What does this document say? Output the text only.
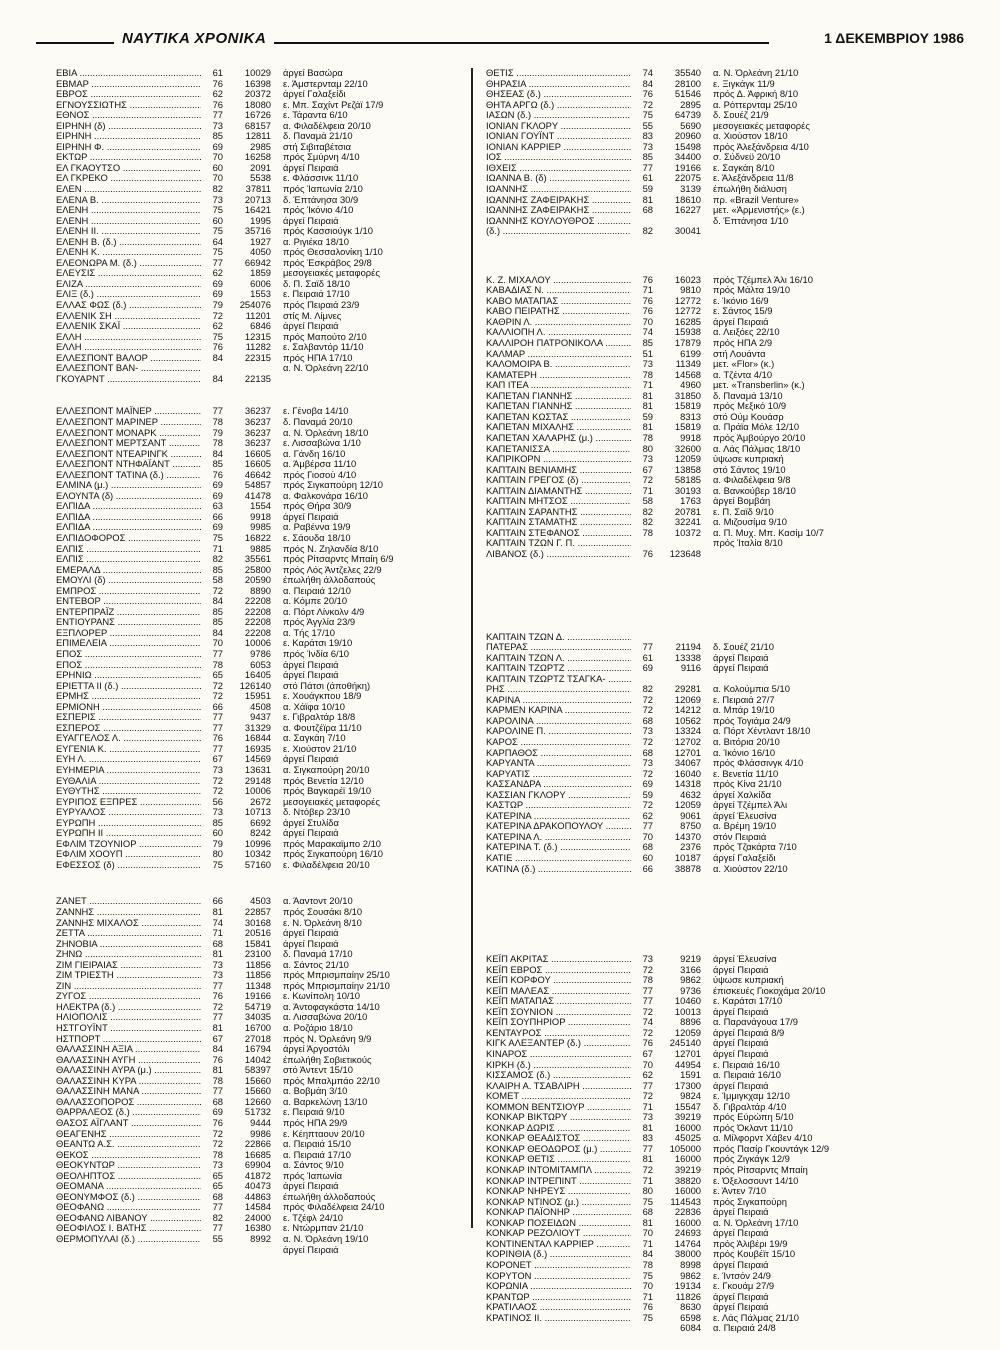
ΝΑΥΤΙΚΑ ΧΡΟΝΙΚΑ	1 ΔΕΚΕΜΒΡΙΟΥ 1986
ΕΒΙΑ .....	61	10029	άργεί Βασώρα
ΕΒΜΑΡ .....	76	16398	ε. Άμστερνταμ 22/10
ΕΒΡΟΣ .....	62	20372	άργεί Γαλαξείδι
ΕΓΝΟΥΣΣΙΩΤΗΣ .....	76	18080	ε. Μπ. Σαχίντ Ρεζάϊ 17/9
ΕΘΝΟΣ .....	77	16726	ε. Τάραντα 6/10
ΕΙΡΗΝΗ (δ) .....	73	68157	α. Φιλαδέλφεια 20/10
ΕΙΡΗΝΗ .....	85	12811	δ. Παναμά 21/10
ΕΙΡΗΝΗ Φ. .....	69	2985	στή Σιβιταβέτσια
ΕΚΤΩΡ .....	70	16258	πρός Σμύρνη 4/10
ΕΛ ΓΚΑΟΥΤΣΟ .....	60	2091	άργεί Πειραιά
ΕΛ ΓΚΡΕΚΟ .....	70	5538	ε. Φλάσσινκ 11/10
ΕΛΕΝ .....	82	37811	πρός Ίαπωνία 2/10
ΕΛΕΝΑ Β. .....	73	20713	δ. Έπτάνησα 30/9
ΕΛΕΝΗ .....	75	16421	πρός Ίκόνιο 4/10
ΕΛΕΝΗ .....	60	1995	άργεί Πειραιά
ΕΛΕΝΗ ΙΙ. .....	75	35716	πρός Κασσιούγκ 1/10
ΕΛΕΝΗ Β. (δ.) .....	64	1927	α. Ριγιέκα 18/10
ΕΛΕΝΗ Κ. .....	75	4050	πρός Θεσσαλονίκη 1/10
ΕΛΕΟΝΩΡΑ Μ. (δ.) .....	77	66942	πρός Έσκράβος 29/8
ΕΛΕΥΣΙΣ .....	62	1859	μεσογειακές μεταφορές
ΕΛΙΖΑ .....	69	6006	δ. Π. Σαϊδ 18/10
ΕΛΙΞ (δ.) .....	69	1553	ε. Πειραιά 17/10
ΕΛΛΑΣ ΦΩΣ (δ.) .....	79	254076	πρός Πειραιά 23/9
ΕΛΛΕΝΙΚ ΣΗ .....	72	11201	στίς Μ. Λίμνες
ΕΛΛΕΝΙΚ ΣΚΑΪ .....	62	6846	άργεί Πειραιά
ΕΛΛΗ .....	75	12315	πρός Μαπούτο 2/10
ΕΛΛΗ .....	76	11282	ε. Σαλβαντόρ 11/10
ΕΛΛΕΣΠΟΝΤ ΒΑΛΟΡ .....	84	22315	πρός ΗΠΑ 17/10
ΕΛΛΕΣΠΟΝΤ ΒΑΝ- .....	α. Ν. Όρλεάνη 22/10
ΓΚΟΥΑΡΝΤ .....	84	22135
ΕΛΛΕΣΠΟΝΤ ΜΑΪΝΕΡ .....	77	36237	ε. Γένοβα 14/10
ΕΛΛΕΣΠΟΝΤ ΜΑΡΙΝΕΡ .....	78	36237	δ. Παναμά 20/10
ΕΛΛΕΣΠΟΝΤ ΜΟΝΑΡΚ .....	79	36237	α. Ν. Όρλεάνη 18/10
ΕΛΛΕΣΠΟΝΤ ΜΕΡΤΣΑΝΤ .....	78	36237	ε. Λισσαβώνα 1/10
ΕΛΛΕΣΠΟΝΤ ΝΤΕΑΡΙΝΓΚ .....	84	16605	α. Γάνδη 16/10
ΕΛΛΕΣΠΟΝΤ ΝΤΗΦΑΪΑΝΤ .....	85	16605	α. Άμβέρσα 11/10
ΕΛΛΕΣΠΟΝΤ ΤΑΤΙΝΑ (δ.) .....	76	46642	πρός Γιοσού 4/10
ΕΛΜΙΝΑ (μ.) .....	69	54857	πρός Σιγκαπούρη 12/10
ΕΛΟΥΝΤΑ (δ) .....	69	41478	α. Φαλκονάρα 16/10
ΕΛΠΙΔΑ .....	63	1554	πρός Θήρα 30/9
ΕΛΠΙΔΑ .....	66	9918	άργεί Πειραιά
ΕΛΠΙΔΑ .....	69	9985	α. Ραβέννα 19/9
ΕΛΠΙΔΟΦΟΡΟΣ .....	75	16822	ε. Σάουδα 18/10
ΕΛΠΙΣ .....	71	9885	πρός Ν. Ζηλανδία 8/10
ΕΛΠΙΣ .....	82	35561	πρός Ρίτσαρντς Μπαίη 6/9
ΕΜΕΡΑΛΔ .....	85	25800	πρός Λός Άντζελες 22/9
ΕΜΟΥΛΙ (δ) .....	58	20590	έπωλήθη άλλοδαπούς
ΕΜΠΡΟΣ .....	72	8890	α. Πειραιά 12/10
ΕΝΤΕΒΟΡ .....	84	22208	α. Κόμπε 20/10
ΕΝΤΕΡΠΡΑΪΖ .....	85	22208	α. Πόρτ Λίνκολν 4/9
ΕΝΤΙΟΥΡΑΝΣ .....	85	22208	πρός Άγγλία 23/9
ΕΞΠΛΟΡΕΡ .....	84	22208	α. Τής 17/10
ΕΠΙΜΕΛΕΙΑ .....	70	10006	ε. Καράτσι 19/10
ΕΠΟΣ .....	77	9786	πρός Ίνδία 6/10
ΕΠΟΣ .....	78	6053	άργεί Πειραιά
ΕΡΗΝΙΩ .....	65	16405	άργεί Πειραιά
ΕΡΙΕΤΤΑ ΙΙ (δ.) .....	72	126140	στό Πάτσι (άποθήκη)
ΕΡΜΗΣ .....	72	15951	ε. Χουάγκπου 18/9
ΕΡΜΙΟΝΗ .....	66	4508	α. Χάϊφα 10/10
ΕΣΠΕΡΙΣ .....	77	9437	ε. Γιβραλτάρ 18/8
ΕΣΠΕΡΟΣ .....	77	31329	α. Φουτζέϊρα 11/10
ΕΥΑΓΓΕΛΟΣ Λ. .....	76	16844	α. Σαγκάη 7/10
ΕΥΓΕΝΙΑ Κ. .....	77	16935	ε. Χιούστον 21/10
ΕΥΗ Λ. .....	67	14569	άργεί Πειραιά
ΕΥΗΜΕΡΙΑ .....	73	13631	α. Σιγκαπούρη 20/10
ΕΥΘΑΛΙΑ .....	72	29148	πρός Βενετία 12/10
ΕΥΘΥΤΗΣ .....	72	10006	πρός Βαγκαρέϊ 19/10
ΕΥΡΙΠΟΣ ΕΞΠΡΕΣ .....	56	2672	μεσογειακές μεταφορές
ΕΥΡΥΑΛΟΣ .....	73	10713	δ. Ντόβερ 23/10
ΕΥΡΩΠΗ .....	85	6692	άργεί Στυλίδα
ΕΥΡΩΠΗ ΙΙ .....	60	8242	άργεί Πειραιά
ΕΦΛΙΜ ΤΖΟΥΝΙΟΡ .....	79	10996	πρός Μαρακαϊμπο 2/10
ΕΦΛΙΜ ΧΟΟΥΠ .....	80	10342	πρός Σιγκαπούρη 16/10
ΕΦΕΣΣΟΣ (δ) .....	75	57160	ε. Φιλαδέλφεια 20/10
ΖΑΝΕΤ .....	66	4503	α. Άαντοντ 20/10
ΖΑΝΝΗΣ .....	81	22857	πρός Σουσάκι 8/10
ΖΑΝΝΗΣ ΜΙΧΑΛΟΣ .....	74	30168	ε. Ν. Όρλεάνη 8/10
ΖΕΤΤΑ .....	71	20516	άργεί Πειραιά
ΖΗΝΟΒΙΑ .....	68	15841	άργεί Πειραιά
ΖΗΝΩ .....	81	23100	δ. Παναμά 17/10
ΖΙΜ ΓΙΕΙΡΑΙΑΣ .....	73	11856	α. Σάντος 21/10
ΖΙΜ ΤΡΙΕΣΤΗ .....	73	11856	πρός Μπρισμπαίην 25/10
ΖΙΝ .....	77	11348	πρός Μπρισμπαίην 21/10
ΖΥΓΟΣ .....	76	19166	ε. Κωνίπολη 10/10
ΗΛΕΚΤΡΑ (δ.) .....	72	54719	α. Άντοφαγκάστα 14/10
ΗΛΙΟΠΟΛΙΣ .....	77	34035	α. Λισσαβώνα 20/10
ΗΣΤΓΟΥΪΝΤ .....	81	16700	α. Ροζάριο 18/10
ΗΣΤΠΟΡΤ .....	67	27018	πρός Ν. Όρλεάνη 9/9
ΘΑΛΑΣΣΙΝΗ ΑΞΙΑ .....	84	16794	άργεί Άργοστόλι
ΘΑΛΑΣΣΙΝΗ ΑΥΓΗ .....	76	14042	έπωλήθη Σοβιετικούς
ΘΑΛΑΣΣΙΝΗ ΑΥΡΑ (μ.) .....	81	58397	στό Άντεντ 15/10
ΘΑΛΑΣΣΙΝΗ ΚΥΡΑ .....	78	15660	πρός Μπαλμπάο 22/10
ΘΑΛΑΣΣΙΝΗ ΜΑΝΑ .....	77	15660	α. Βοβμάη 3/10
ΘΑΛΑΣΣΟΠΟΡΟΣ .....	68	12660	α. Βαρκελώνη 13/10
ΘΑΡΡΑΛΕΟΣ (δ.) .....	69	51732	ε. Πειραιά 9/10
ΘΑΣΟΣ ΑΪΓΛΑΝΤ .....	76	9444	πρός ΗΠΑ 29/9
ΘΕΑΓΕΝΗΣ .....	72	9986	ε. Κέηπταουν 20/10
ΘΕΑΝΤΩ Α.Σ. .....	72	22866	α. Πειραιά 15/10
ΘΕΚΟΣ .....	78	16685	α. Πειραιά 17/10
ΘΕΟΚΥΝΤΩΡ .....	73	69904	α. Σάντος 9/10
ΘΕΟΛΗΠΤΟΣ .....	65	41872	πρός Ίαπωνία
ΘΕΟΜΑΝΑ .....	65	40473	άργεί Πειραιά
ΘΕΟΝΥΜΦΟΣ (δ.) .....	68	44863	έπωλήθη άλλοδαπούς
ΘΕΟΦΑΝΩ .....	77	14584	πρός Φιλαδέλφεια 24/10
ΘΕΟΦΑΝΩ ΛΙΒΑΝΟΥ .....	82	24000	ε. Τζέφλ 24/10
ΘΕΟΦΙΛΟΣ Ι. ΒΑΤΗΣ .....	77	16380	ε. Ντώρμπαν 21/10
ΘΕΡΜΟΠΥΛΑΙ (δ.) .....	55	8992	α. Ν. Όρλεάνη 19/10
άργεί Πειραιά
ΘΕΤΙΣ .....	74	35540	α. Ν. Όρλεάνη 21/10
ΘΗΡΑΣΙΑ .....	84	28100	ε. Ξιγκάγκ 11/9
ΘΗΣΕΑΣ (δ.) .....	76	51546	πρός Δ. Άφρική 8/10
ΘΗΤΑ ΑΡΓΩ (δ.) .....	72	2895	α. Ρόττερνταμ 25/10
ΙΑΣΩΝ (δ.) .....	75	64739	δ. Σουέζ 21/9
ΙΟΝΙΑΝ ΓΚΛΟΡΥ .....	55	5690	μεσογειακές μεταφορές
ΙΟΝΙΑΝ ΓΟΥΪΝΤ .....	83	20960	α. Χιούστον 18/10
ΙΟΝΙΑΝ ΚΑΡΡΙΕΡ .....	73	15498	πρός Άλεξάνδρεια 4/10
ΙΟΣ .....	85	34400	σ. Σύδνεϋ 20/10
ΙΘΧΕΙΣ .....	77	19166	ε. Σαγκάη 8/10
ΙΩΑΝΝΑ Β. (δ) .....	61	22075	ε. Άλεξάνδρεια 11/8
ΙΩΑΝΝΗΣ .....	59	3139	έπωλήθη διάλυση
ΙΩΑΝΝΗΣ ΖΑΦΕΙΡΑΚΗΣ .....	81	18610	πρ. «Brazil Venture»
ΙΩΑΝΝΗΣ ΖΑΦΕΙΡΑΚΗΣ .....	68	16227	μετ. «Άρμενιστής» (ε.)
ΙΩΑΝΝΗΣ ΚΟΥΛΟΥΘΡΟΣ .....	δ. Έπτάνησα 1/10
(δ.) .....	82	30041
Κ. Ζ. ΜΙΧΑΛΟΥ .....	76	16023	πρός Τζέμπελ Άλι 16/10
ΚΑΒΑΔΙΑΣ Ν. .....	71	9810	πρός Μάλτα 19/10
ΚΑΒΟ ΜΑΤΑΠΑΣ .....	76	12772	ε. Ίκόνιο 16/9
ΚΑΒΟ ΠΕΙΡΑΤΗΣ .....	76	12772	ε. Σάντος 15/9
ΚΑΘΡΙΝ Λ. .....	70	16285	άργεί Πειραιά
ΚΑΛΛΙΟΠΗ Λ. .....	74	15938	α. Λειξόες 22/10
ΚΑΛΛΙΡΟΗ ΠΑΤΡΟΝΙΚΟΛΑ .....	85	17879	πρός ΗΠΑ 2/9
ΚΑΛΜΑΡ .....	51	6199	στή Λουάντα
ΚΑΛΟΜΟΙΡΑ Β. .....	73	11349	μετ. «Flor» (κ.)
ΚΑΜΑΤΕΡΗ .....	78	14568	α. Τζέντα 4/10
ΚΑΠ ΙΤΕΑ .....	71	4960	μετ. «Transberlin» (κ.)
ΚΑΠΕΤΑΝ ΓΙΑΝΝΗΣ .....	81	31850	δ. Παναμά 13/10
ΚΑΠΕΤΑΝ ΓΙΑΝΝΗΣ .....	81	15819	πρός Μεξικό 10/9
ΚΑΠΕΤΑΝ ΚΩΣΤΑΣ .....	59	8313	στό Ούμ Κουάσρ
ΚΑΠΕΤΑΝ ΜΙΧΑΛΗΣ .....	81	15819	α. Πράϊα Μόλε 12/10
ΚΑΠΕΤΑΝ ΧΑΛΑΡΗΣ (μ.) .....	78	9918	πρός Άμβούργο 20/10
ΚΑΠΕΤΑΝΙΣΣΑ .....	80	32600	α. Λάς Πάλμας 18/10
ΚΑΠΡΙΚΟΡΝ .....	73	12059	ύψωσε κυπριακή
ΚΑΠΤΑΙΝ ΒΕΝΙΑΜΗΣ .....	67	13858	στό Σάντος 19/10
ΚΑΠΤΑΙΝ ΓΡΕΓΟΣ (δ) .....	72	58185	α. Φιλαδέλφεια 9/8
ΚΑΠΤΑΙΝ ΔΙΑΜΑΝΤΗΣ .....	71	30193	α. Βανκούβερ 18/10
ΚΑΠΤΑΙΝ ΜΗΤΣΟΣ .....	58	1763	άργεί Βομβάη
ΚΑΠΤΑΙΝ ΣΑΡΑΝΤΗΣ .....	82	20781	ε. Π. Σαϊδ 9/10
ΚΑΠΤΑΙΝ ΣΤΑΜΑΤΗΣ .....	82	32241	α. Μιζουσίμα 9/10
ΚΑΠΤΑΙΝ ΣΤΕΦΑΝΟΣ .....	78	10372	α. Π. Μυχ. Μπ. Κασίμ 10/7
ΚΑΠΤΑΙΝ ΤΖΩΝ Γ. Π. .....	πρός Ίταλία 8/10
ΛΙΒΑΝΟΣ (δ.) .....	76	123648
ΚΑΠΤΑΙΝ ΤΖΩΝ Δ. .....
ΠΑΤΕΡΑΣ .....	77	21194	δ. Σουέζ 21/10
ΚΑΠΤΑΙΝ ΤΖΩΝ Λ. .....	61	13338	άργεί Πειραιά
ΚΑΠΤΑΙΝ ΤΖΩΡΤΖ .....	69	9116	άργεί Πειραιά
ΚΑΠΤΑΙΝ ΤΖΩΡΤΖ ΤΣΑΓΚΑ- .....
ΡΗΣ .....	82	29281	α. Κολούμπια 5/10
ΚΑΡΙΝΑ .....	72	12069	ε. Πειραιά 27/7
ΚΑΡΜΕΝ ΚΑΡΙΝΑ .....	72	14212	α. Μπάρ 19/10
ΚΑΡΟΛΙΝΑ .....	68	10562	πρός Τογιάμα 24/9
ΚΑΡΟΛΙΝΕ Π. .....	73	13324	α. Πόρτ Χέντλαντ 18/10
ΚΑΡΟΣ .....	72	12702	α. Βιτόρια 20/10
ΚΑΡΠΑΘΟΣ .....	68	12701	α. Ίκόνιο 16/10
ΚΑΡΥΑΝΤΑ .....	73	34067	πρός Φλάσσινγκ 4/10
ΚΑΡΥΑΤΙΣ .....	72	16040	ε. Βενετία 11/10
ΚΑΣΣΑΝΔΡΑ .....	69	14318	πρός Κίνα 21/10
ΚΑΣΣΙΑΝ ΓΚΛΟΡΥ .....	59	4632	άργεί Χαλκίδα
ΚΑΣΤΩΡ .....	72	12059	άργεί Τζέμπελ Άλι
ΚΑΤΕΡΙΝΑ .....	62	9061	άργεί Έλευσίνα
ΚΑΤΕΡΙΝΑ ΔΡΑΚΟΠΟΥΛΟΥ .....	77	8750	α. Βρέμη 19/10
ΚΑΤΕΡΙΝΑ Λ. .....	70	14370	στόν Πειραιά
ΚΑΤΕΡΙΝΑ Τ. (δ.) .....	68	2376	πρός Τζακάρτα 7/10
ΚΑΤΙΕ .....	60	10187	άργεί Γαλαξείδι
ΚΑΤΙΝΑ (δ.) .....	66	38878	α. Χιούστον 22/10
ΚΕΪΠ ΑΚΡΙΤΑΣ .....	73	9219	άργεί Έλευσίνα
ΚΕΪΠ ΕΒΡΟΣ .....	72	3166	άργεί Πειραιά
ΚΕΪΠ ΚΟΡΦΟΥ .....	78	9862	ύψωσε κυπριακή
ΚΕΪΠ ΜΑΛΕΑΣ .....	77	9736	έπισκευές Γιοκοχάμα 20/10
ΚΕΪΠ ΜΑΤΑΠΑΣ .....	77	10460	ε. Καράτσι 17/10
ΚΕΪΠ ΣΟΥΝΙΟΝ .....	72	10013	άργεί Πειραιά
ΚΕΪΠ ΣΟΥΠΗΡΙΟΡ .....	74	8896	α. Παρανάγουα 17/9
ΚΕΝΤΑΥΡΟΣ .....	72	12059	άργεί Πειραιά 8/9
ΚΙΓΚ ΑΛΕΞΑΝΤΕΡ (δ.) .....	76	245140	άργεί Πειραιά
ΚΙΝΑΡΟΣ .....	67	12701	άργεί Πειραιά
ΚΙΡΚΗ (δ.) .....	70	44954	ε. Πειραιά 16/10
ΚΙΣΣΑΜΟΣ (δ.) .....	62	1591	α. Πειραιά 16/10
ΚΛΑΙΡΗ Α. ΤΣΑΒΛΙΡΗ .....	77	17300	άργεί Πειραιά
ΚΟΜΕΤ .....	72	9824	ε. Ίμμιγκχαμ 12/10
ΚΟΜΜΟΝ ΒΕΝΤΣΙΟΥΡ .....	71	15547	δ. Γιβραλτάρ 4/10
ΚΟΝΚΑΡ ΒΙΚΤΩΡΥ .....	73	39219	πρός Εύρώπη 5/10
ΚΟΝΚΑΡ ΔΩΡΙΣ .....	81	16000	πρός Όκλαντ 11/10
ΚΟΝΚΑΡ ΘΕΑΔΙΣΤΟΣ .....	83	45025	α. Μίλφορντ Χάβεν 4/10
ΚΟΝΚΑΡ ΘΕΟΔΩΡΟΣ (μ.) .....	77	105000	πρός Πασίρ Γκουντάγκ 12/9
ΚΟΝΚΑΡ ΘΕΤΙΣ .....	81	16000	πρός Ζιγκάγκ 12/9
ΚΟΝΚΑΡ ΙΝΤΟΜΙΤΑΜΠΛ .....	72	39219	πρός Ρίτσαρντς Μπαίη
ΚΟΝΚΑΡ ΙΝΤΡΕΠΙΝΤ .....	71	38820	ε. Όξελοσουντ 14/10
ΚΟΝΚΑΡ ΝΗΡΕΥΣ .....	80	16000	ε. Άντεν 7/10
ΚΟΝΚΑΡ ΝΤΙΝΟΣ (μ.) .....	75	114543	πρός Σιγκαπούρη
ΚΟΝΚΑΡ ΠΑΪΟΝΗΡ .....	68	22836	άργεί Πειραιά
ΚΟΝΚΑΡ ΠΟΣΕΙΔΩΝ .....	81	16000	α. Ν. Όρλεάνη 17/10
ΚΟΝΚΑΡ ΡΕΖΟΛΙΟΥΤ .....	70	24693	άργεί Πειραιά
ΚΟΝΤΙΝΕΝΤΑΛ ΚΑΡΡΙΕΡ .....	71	14764	πρός Άλιβέρι 19/9
ΚΟΡΙΝΘΙΑ (δ.) .....	84	38000	πρός Κουβέϊτ 15/10
ΚΟΡΟΝΕΤ .....	78	8998	άργεί Πειραιά
ΚΟΡΥΤΟΝ .....	75	9862	ε. Ίντσόν 24/9
ΚΟΡΩΝΙΑ .....	70	19134	ε. Γκουάμ 27/9
ΚΡΑΝΤΩΡ .....	71	11826	άργεί Πειραιά
ΚΡΑΤΙΛΑΟΣ .....	76	8630	άργεί Πειραιά
ΚΡΑΤΙΝΟΣ ΙΙ. .....	75	6598	ε. Λάς Πάλμας 21/10
6084	α. Πειραιά 24/8
